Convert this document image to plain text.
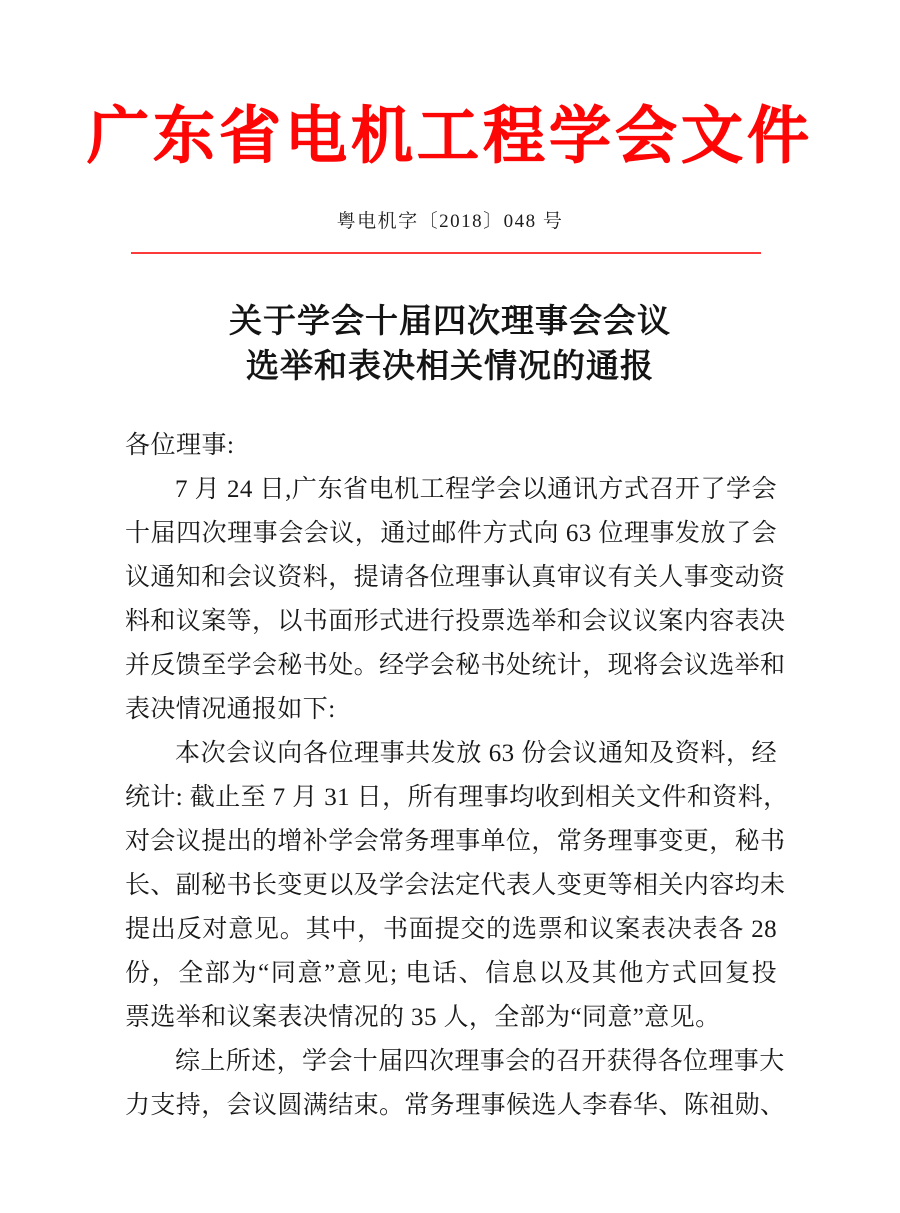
广东省电机工程学会文件
粤电机字〔2018〕048 号
关于学会十届四次理事会会议
选举和表决相关情况的通报
各位理事:

7 月 24 日,广东省电机工程学会以通讯方式召开了学会
十届四次理事会会议，通过邮件方式向 63 位理事发放了会
议通知和会议资料，提请各位理事认真审议有关人事变动资
料和议案等，以书面形式进行投票选举和会议议案内容表决
并反馈至学会秘书处。经学会秘书处统计，现将会议选举和
表决情况通报如下:

本次会议向各位理事共发放 63 份会议通知及资料，经
统计: 截止至 7 月 31 日，所有理事均收到相关文件和资料，
对会议提出的增补学会常务理事单位，常务理事变更，秘书
长、副秘书长变更以及学会法定代表人变更等相关内容均未
提出反对意见。其中，书面提交的选票和议案表决表各 28
份，全部为“同意”意见; 电话、信息以及其他方式回复投
票选举和议案表决情况的 35 人，全部为“同意”意见。

综上所述，学会十届四次理事会的召开获得各位理事大
力支持，会议圆满结束。常务理事候选人李春华、陈祖勋、
